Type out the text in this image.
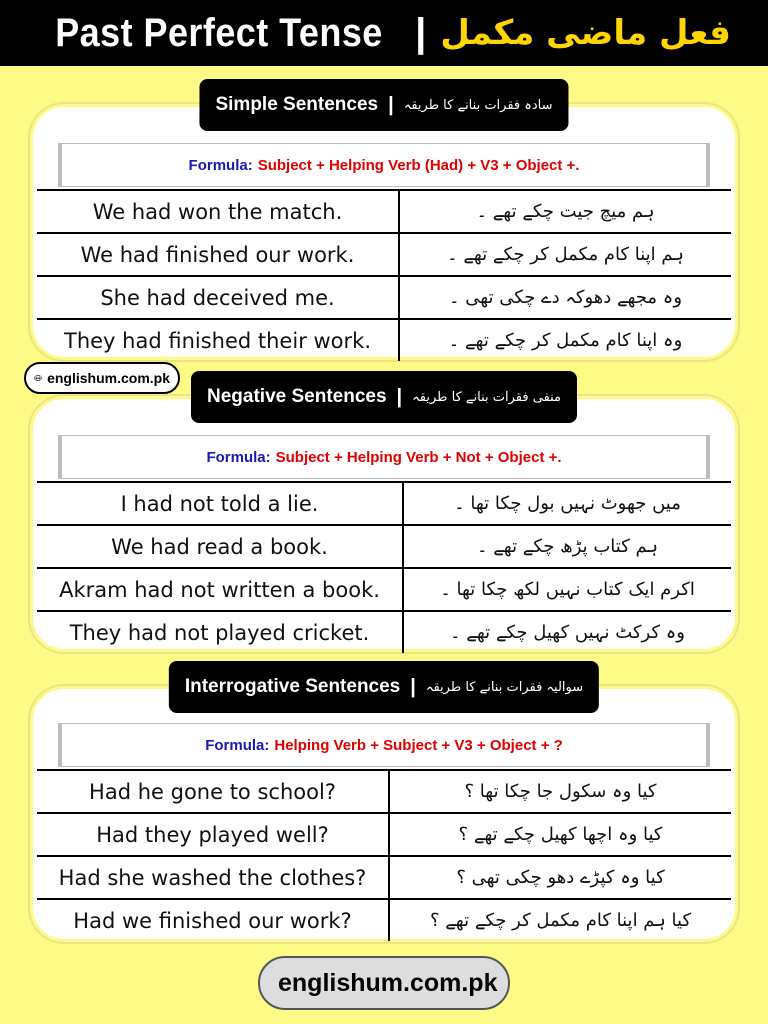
Past Perfect Tense | فعل ماضی مکمل
Simple Sentences | سادہ فقرات بنانے کا طریقہ
Formula: Subject + Helping Verb (Had) + V3 + Object +.
We had won the match.	ہم میچ جیت چکے تھے ۔
We had finished our work.	ہم اپنا کام مکمل کر چکے تھے ۔
She had deceived me.	وہ مجھے دھوکہ دے چکی تھی ۔
They had finished their work.	وہ اپنا کام مکمل کر چکے تھے ۔
www englishum.com.pk
Negative Sentences | منفی فقرات بنانے کا طریقہ
Formula: Subject + Helping Verb + Not + Object +.
I had not told a lie.	میں جھوٹ نہیں بول چکا تھا ۔
We had read a book.	ہم کتاب پڑھ چکے تھے ۔
Akram had not written a book.	اکرم ایک کتاب نہیں لکھ چکا تھا ۔
They had not played cricket.	وہ کرکٹ نہیں کھیل چکے تھے ۔
Interrogative Sentences | سوالیہ فقرات بنانے کا طریقہ
Formula: Helping Verb + Subject + V3 + Object + ?
Had he gone to school?	کیا وہ سکول جا چکا تھا ؟
Had they played well?	کیا وہ اچھا کھیل چکے تھے ؟
Had she washed the clothes?	کیا وہ کپڑے دھو چکی تھی ؟
Had we finished our work?	کیا ہم اپنا کام مکمل کر چکے تھے ؟
englishum.com.pk
